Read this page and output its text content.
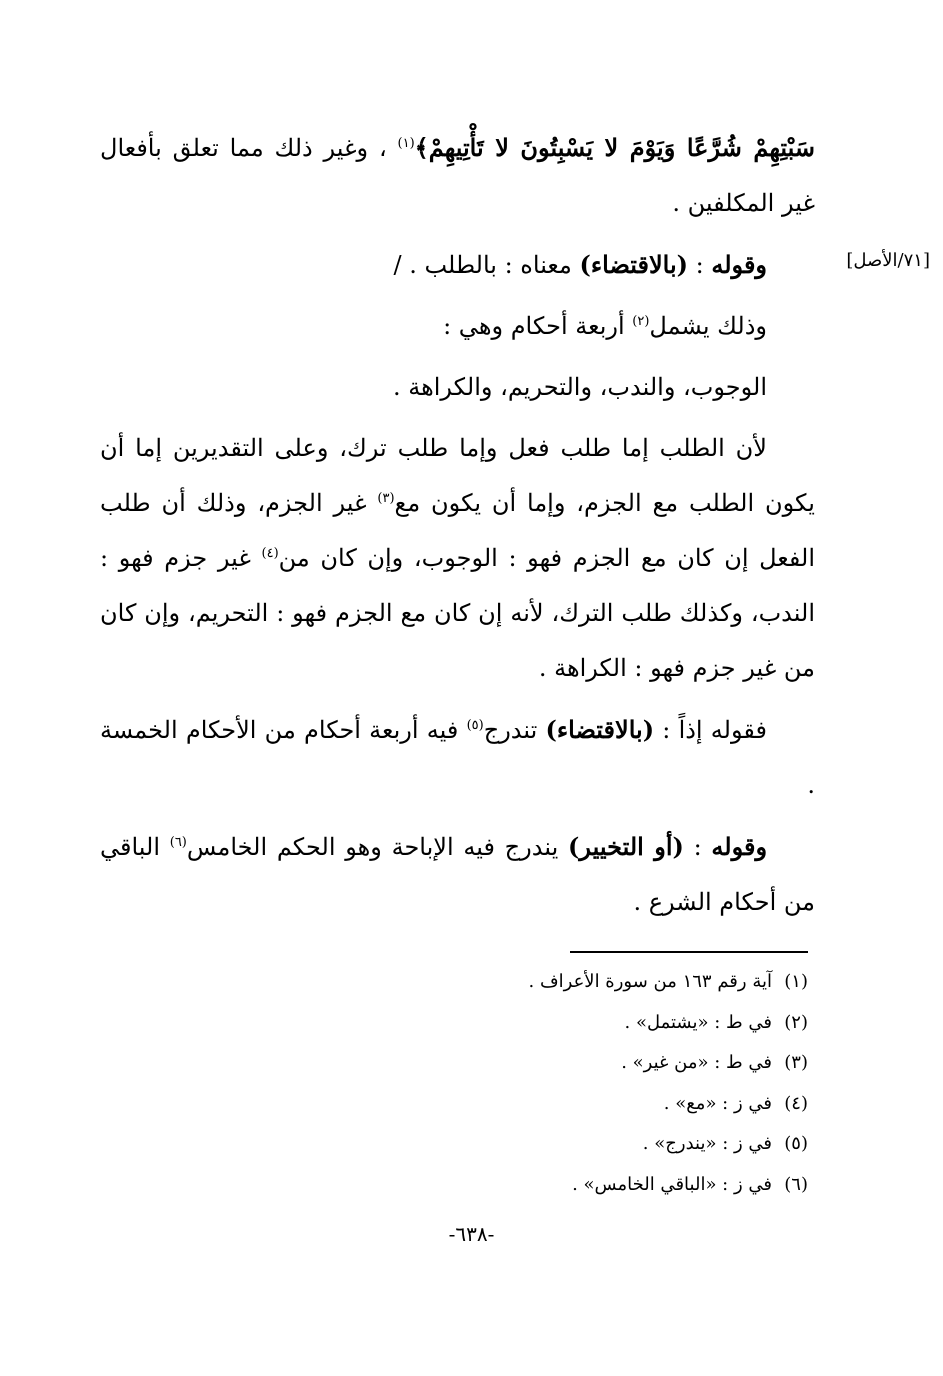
[٧١/الأصل]

سَبْتِهِمْ شُرَّعًا وَيَوْمَ لا يَسْبِتُونَ لا تَأْتِيهِمْ﴾$^{(١)}$ ، وغير ذلك مما تعلق بأفعال غير المكلفين .

وقوله : (بالاقتضاء) معناه : بالطلب . /

وذلك يشمل$^{(٢)}$ أربعة أحكام وهي :

الوجوب، والندب، والتحريم، والكراهة .

لأن الطلب إما طلب فعل وإما طلب ترك، وعلى التقديرين إما أن يكون الطلب مع الجزم، وإما أن يكون مع$^{(٣)}$ غير الجزم، وذلك أن طلب الفعل إن كان مع الجزم فهو : الوجوب، وإن كان من$^{(٤)}$ غير جزم فهو : الندب، وكذلك طلب الترك، لأنه إن كان مع الجزم فهو : التحريم، وإن كان من غير جزم فهو : الكراهة .

فقوله إذاً : (بالاقتضاء) تندرج$^{(٥)}$ فيه أربعة أحكام من الأحكام الخمسة .

وقوله : (أو التخيير) يندرج فيه الإباحة وهو الحكم الخامس$^{(٦)}$ الباقي من أحكام الشرع .

(١)آية رقم ١٦٣ من سورة الأعراف .
(٢)في ط : «يشتمل» .
(٣)في ط : «من غير» .
(٤)في ز : «مع» .
(٥)في ز : «يندرج» .
(٦)في ز : «الباقي الخامس» .
-٦٣٨-
